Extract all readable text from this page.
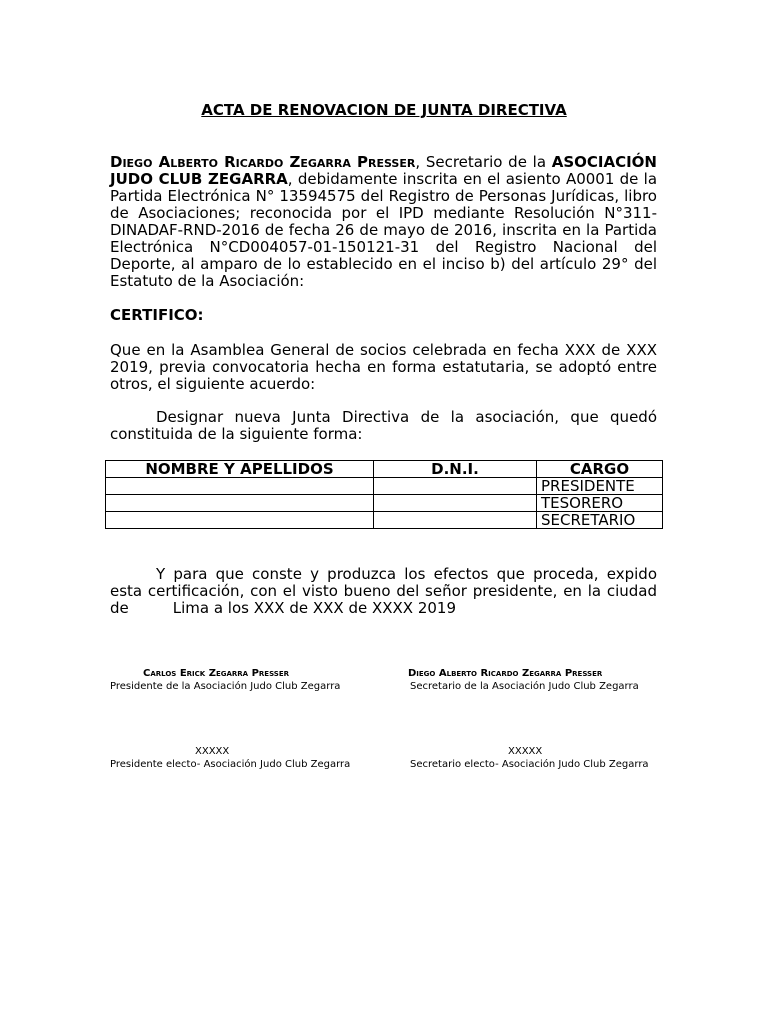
ACTA DE RENOVACION DE JUNTA DIRECTIVA
Diego Alberto Ricardo Zegarra Presser, Secretario de la ASOCIACIÓN JUDO CLUB ZEGARRA, debidamente inscrita en el asiento A0001 de la Partida Electrónica N° 13594575 del Registro de Personas Jurídicas, libro de Asociaciones; reconocida por el IPD mediante Resolución N°311-DINADAF-RND-2016 de fecha 26 de mayo de 2016, inscrita en la Partida Electrónica N°CD004057-01-150121-31 del Registro Nacional del Deporte, al amparo de lo establecido en el inciso b) del artículo 29° del Estatuto de la Asociación:
CERTIFICO:
Que en la Asamblea General de socios celebrada en fecha XXX de XXX 2019, previa convocatoria hecha en forma estatutaria, se adoptó entre otros, el siguiente acuerdo:
Designar nueva Junta Directiva de la asociación, que quedó constituida de la siguiente forma:
NOMBRE Y APELLIDOS	D.N.I.	CARGO
		PRESIDENTE
		TESORERO
		SECRETARIO
Y para que conste y produzca los efectos que proceda, expido esta certificación, con el visto bueno del señor presidente, en la ciudad de	Lima a los XXX de XXX de XXXX 2019
Carlos Erick Zegarra Presser
Presidente de la Asociación Judo Club Zegarra
Diego Alberto Ricardo Zegarra Presser
Secretario de la Asociación Judo Club Zegarra
XXXXX
Presidente electo- Asociación Judo Club Zegarra
XXXXX
Secretario electo- Asociación Judo Club Zegarra
